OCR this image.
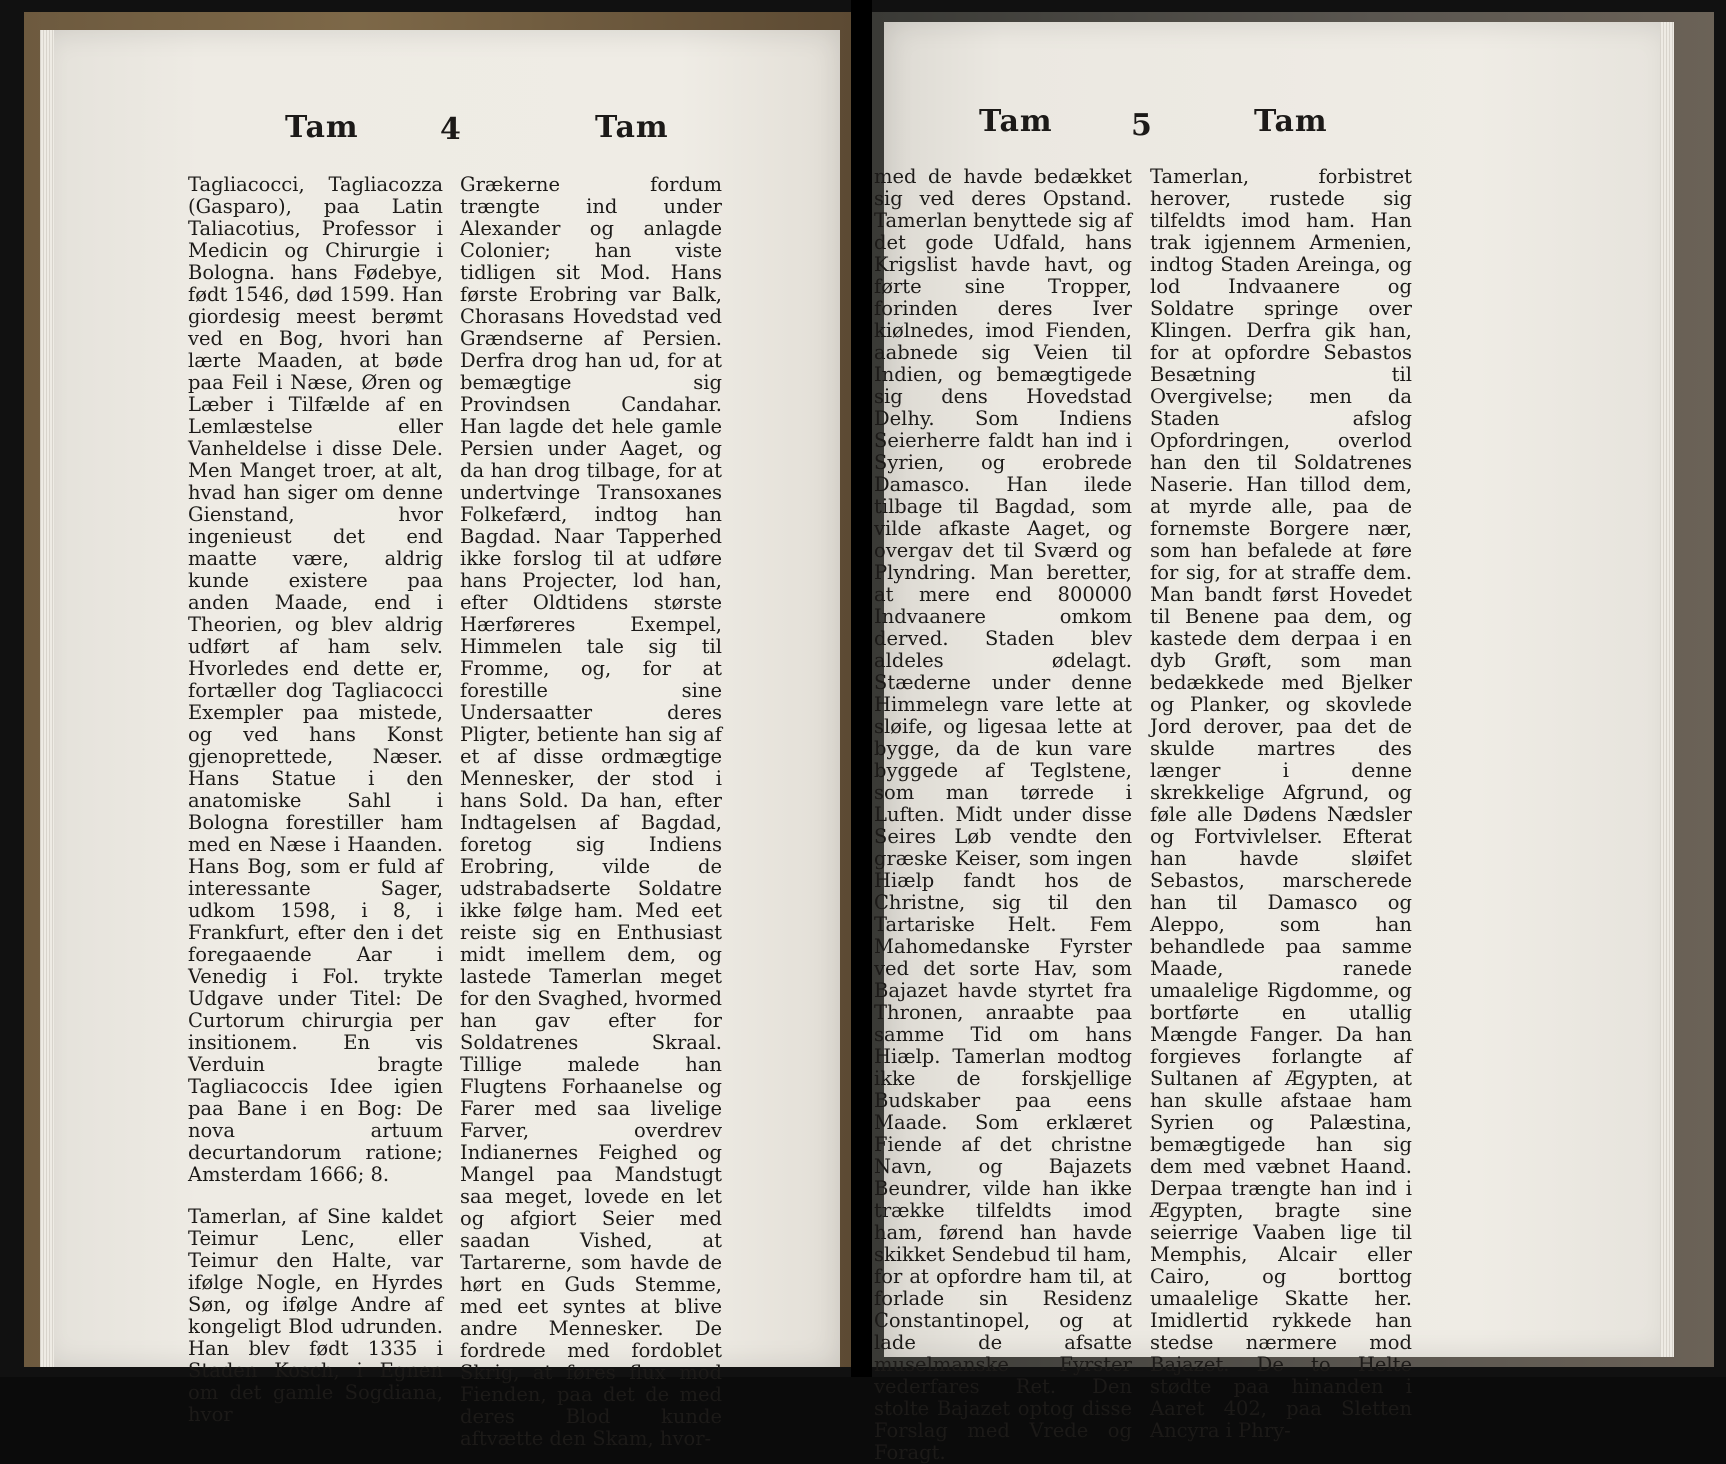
Tam	4	Tam

Tagliacocci, Tagliacozza (Gasparo), paa Latin Taliacotius, Professor i Medicin og Chirurgie i Bologna. hans Fødebye, født 1546, død 1599. Han giordesig meest berømt ved en Bog, hvori han lærte Maaden, at bøde paa Feil i Næse, Øren og Læber i Tilfælde af en Lemlæstelse eller Vanheldelse i disse Dele. Men Manget troer, at alt, hvad han siger om denne Gienstand, hvor ingenieust det end maatte være, aldrig kunde existere paa anden Maade, end i Theorien, og blev aldrig udført af ham selv. Hvorledes end dette er, fortæller dog Tagliacocci Exempler paa mistede, og ved hans Konst gjenoprettede, Næser. Hans Statue i den anatomiske Sahl i Bologna forestiller ham med en Næse i Haanden. Hans Bog, som er fuld af interessante Sager, udkom 1598, i 8, i Frankfurt, efter den i det foregaaende Aar i Venedig i Fol. trykte Udgave under Titel: De Curtorum chirurgia per insitionem. En vis Verduin bragte Tagliacoccis Idee igien paa Bane i en Bog: De nova artuum decurtandorum ratione; Amsterdam 1666; 8.

Tamerlan, af Sine kaldet Teimur Lenc, eller Teimur den Halte, var ifølge Nogle, en Hyrdes Søn, og ifølge Andre af kongeligt Blod udrunden. Han blev født 1335 i Staden Kosch, i Egnen om det gamle Sogdiana, hvor

Grækerne fordum trængte ind under Alexander og anlagde Colonier; han viste tidligen sit Mod. Hans første Erobring var Balk, Chorasans Hovedstad ved Grændserne af Persien. Derfra drog han ud, for at bemægtige sig Provindsen Candahar. Han lagde det hele gamle Persien under Aaget, og da han drog tilbage, for at undertvinge Transoxanes Folkefærd, indtog han Bagdad. Naar Tapperhed ikke forslog til at udføre hans Projecter, lod han, efter Oldtidens største Hærføreres Exempel, Himmelen tale sig til Fromme, og, for at forestille sine Undersaatter deres Pligter, betiente han sig af et af disse ordmægtige Mennesker, der stod i hans Sold. Da han, efter Indtagelsen af Bagdad, foretog sig Indiens Erobring, vilde de udstrabadserte Soldatre ikke følge ham. Med eet reiste sig en Enthusiast midt imellem dem, og lastede Tamerlan meget for den Svaghed, hvormed han gav efter for Soldatrenes Skraal. Tillige malede han Flugtens Forhaanelse og Farer med saa livelige Farver, overdrev Indianernes Feighed og Mangel paa Mandstugt saa meget, lovede en let og afgiort Seier med saadan Vished, at Tartarerne, som havde de hørt en Guds Stemme, med eet syntes at blive andre Mennesker. De fordrede med fordoblet Skrig, at føres flux mod Fienden, paa det de med deres Blod kunde aftvætte den Skam, hvor-

Tam	5	Tam

med de havde bedækket sig ved deres Opstand. Tamerlan benyttede sig af det gode Udfald, hans Krigslist havde havt, og førte sine Tropper, forinden deres Iver kiølnedes, imod Fienden, aabnede sig Veien til Indien, og bemægtigede sig dens Hovedstad Delhy. Som Indiens Seierherre faldt han ind i Syrien, og erobrede Damasco. Han ilede tilbage til Bagdad, som vilde afkaste Aaget, og overgav det til Sværd og Plyndring. Man beretter, at mere end 800000 Indvaanere omkom derved. Staden blev aldeles ødelagt. Stæderne under denne Himmelegn vare lette at sløife, og ligesaa lette at bygge, da de kun vare byggede af Teglstene, som man tørrede i Luften. Midt under disse Seires Løb vendte den græske Keiser, som ingen Hiælp fandt hos de Christne, sig til den Tartariske Helt. Fem Mahomedanske Fyrster ved det sorte Hav, som Bajazet havde styrtet fra Thronen, anraabte paa samme Tid om hans Hiælp. Tamerlan modtog ikke de forskjellige Budskaber paa eens Maade. Som erklæret Fiende af det christne Navn, og Bajazets Beundrer, vilde han ikke trække tilfeldts imod ham, førend han havde skikket Sendebud til ham, for at opfordre ham til, at forlade sin Residenz Constantinopel, og at lade de afsatte muselmanske Fyrster vederfares Ret. Den stolte Bajazet optog disse Forslag med Vrede og Foragt.

Tamerlan, forbistret herover, rustede sig tilfeldts imod ham. Han trak igjennem Armenien, indtog Staden Areinga, og lod Indvaanere og Soldatre springe over Klingen. Derfra gik han, for at opfordre Sebastos Besætning til Overgivelse; men da Staden afslog Opfordringen, overlod han den til Soldatrenes Naserie. Han tillod dem, at myrde alle, paa de fornemste Borgere nær, som han befalede at føre for sig, for at straffe dem. Man bandt først Hovedet til Benene paa dem, og kastede dem derpaa i en dyb Grøft, som man bedækkede med Bjelker og Planker, og skovlede Jord derover, paa det de skulde martres des længer i denne skrekkelige Afgrund, og føle alle Dødens Nædsler og Fortvivlelser. Efterat han havde sløifet Sebastos, marscherede han til Damasco og Aleppo, som han behandlede paa samme Maade, ranede umaalelige Rigdomme, og bortførte en utallig Mængde Fanger. Da han forgieves forlangte af Sultanen af Ægypten, at han skulle afstaae ham Syrien og Palæstina, bemægtigede han sig dem med væbnet Haand. Derpaa trængte han ind i Ægypten, bragte sine seierrige Vaaben lige til Memphis, Alcair eller Cairo, og borttog umaalelige Skatte her. Imidlertid rykkede han stedse nærmere mod Bajazet. De to Helte stødte paa hinanden i Aaret 402, paa Sletten Ancyra i Phry-
